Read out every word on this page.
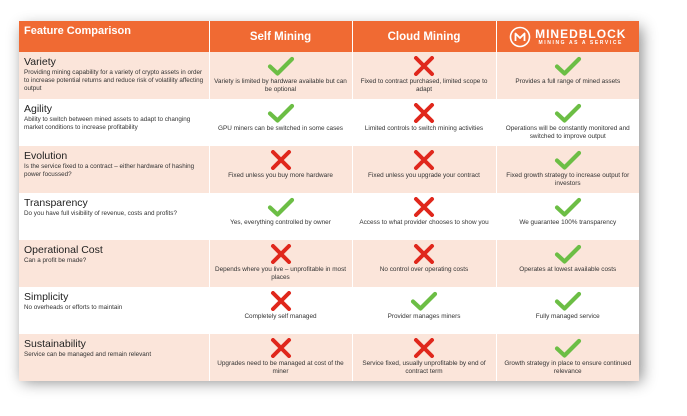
Feature Comparison	Self Mining	Cloud Mining	MINEDBLOCK
MINING AS A SERVICE

Variety
Providing mining capability for a variety of crypto assets in order to increase potential returns and reduce risk of volatility affecting output	Variety is limited by hardware available but can be optional	Fixed to contract purchased, limited scope to adapt	Provides a full range of mined assets

Agility
Ability to switch between mined assets to adapt to changing market conditions to increase profitability	GPU miners can be switched in some cases	Limited controls to switch mining activities	Operations will be constantly monitored and switched to improve output

Evolution
Is the service fixed to a contract – either hardware of hashing power focussed?	Fixed unless you buy more hardware	Fixed unless you upgrade your contract	Fixed growth strategy to increase output for investors

Transparency
Do you have full visibility of revenue, costs and profits?	Yes, everything controlled by owner	Access to what provider chooses to show you	We guarantee 100% transparency

Operational Cost
Can a profit be made?	Depends where you live – unprofitable in most places	No control over operating costs	Operates at lowest available costs

Simplicity
No overheads or efforts to maintain	Completely self managed	Provider manages miners	Fully managed service

Sustainability
Service can be managed and remain relevant	Upgrades need to be managed at cost of the miner	Service fixed, usually unprofitable by end of contract term	Growth strategy in place to ensure continued relevance
